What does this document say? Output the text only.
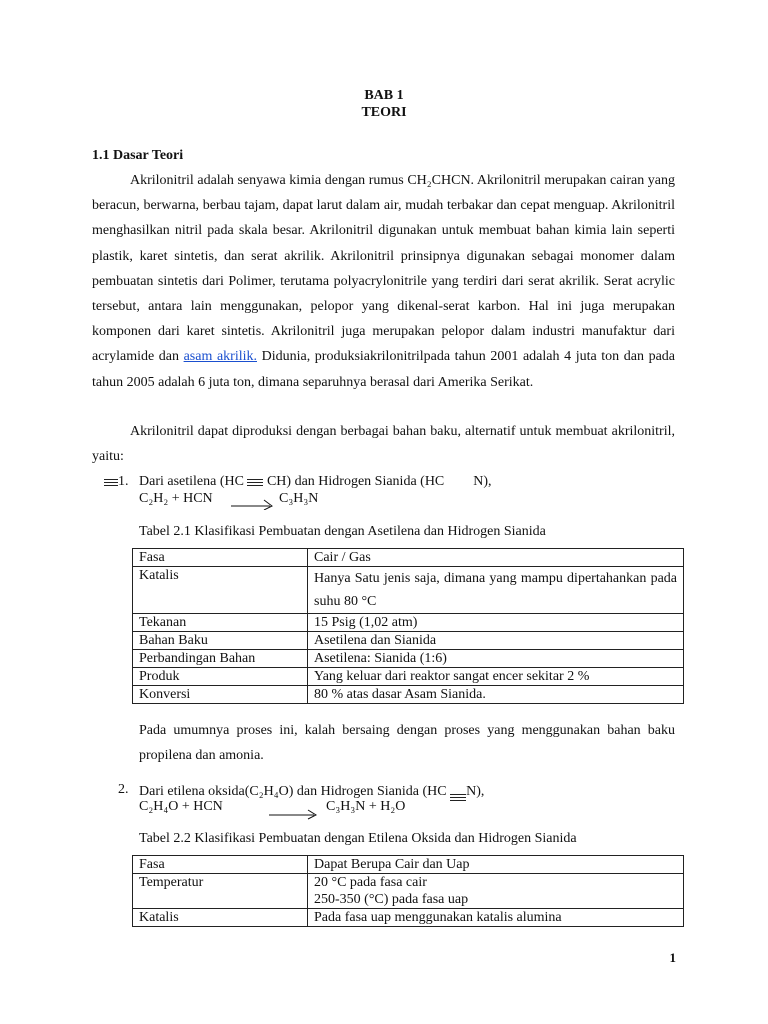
BAB 1
TEORI
1.1 Dasar Teori

Akrilonitril adalah senyawa kimia dengan rumus CH₂CHCN. Akrilonitril merupakan cairan yang beracun, berwarna, berbau tajam, dapat larut dalam air, mudah terbakar dan cepat menguap. Akrilonitril menghasilkan nitril pada skala besar. Akrilonitril digunakan untuk membuat bahan kimia lain seperti plastik, karet sintetis, dan serat akrilik. Akrilonitril prinsipnya digunakan sebagai monomer dalam pembuatan sintetis dari Polimer, terutama polyacrylonitrile yang terdiri dari serat akrilik. Serat acrylic tersebut, antara lain menggunakan, pelopor yang dikenal-serat karbon. Hal ini juga merupakan komponen dari karet sintetis. Akrilonitril juga merupakan pelopor dalam industri manufaktur dari acrylamide dan asam akrilik. Didunia, produksiakrilonitrilpada tahun 2001 adalah 4 juta ton dan pada tahun 2005 adalah 6 juta ton, dimana separuhnya berasal dari Amerika Serikat.

Akrilonitril dapat diproduksi dengan berbagai bahan baku, alternatif untuk membuat akrilonitril, yaitu:

1. Dari asetilena (HC CH) dan Hidrogen Sianida (HC N),
C₂H₂ + HCN → C₃H₃N
Tabel 2.1 Klasifikasi Pembuatan dengan Asetilena dan Hidrogen Sianida
Fasa	Cair / Gas
Katalis	Hanya Satu jenis saja, dimana yang mampu dipertahankan pada suhu 80 °C
Tekanan	15 Psig (1,02 atm)
Bahan Baku	Asetilena dan Sianida
Perbandingan Bahan	Asetilena: Sianida (1:6)
Produk	Yang keluar dari reaktor sangat encer sekitar 2 %
Konversi	80 % atas dasar Asam Sianida.

Pada umumnya proses ini, kalah bersaing dengan proses yang menggunakan bahan baku propilena dan amonia.

2. Dari etilena oksida(C₂H₄O) dan Hidrogen Sianida (HC N),
C₂H₄O + HCN	→ C₃H₃N + H₂O
Tabel 2.2 Klasifikasi Pembuatan dengan Etilena Oksida dan Hidrogen Sianida
Fasa	Dapat Berupa Cair dan Uap
Temperatur	20 °C pada fasa cair
250-350 (°C) pada fasa uap
Katalis	Pada fasa uap menggunakan katalis alumina
1
